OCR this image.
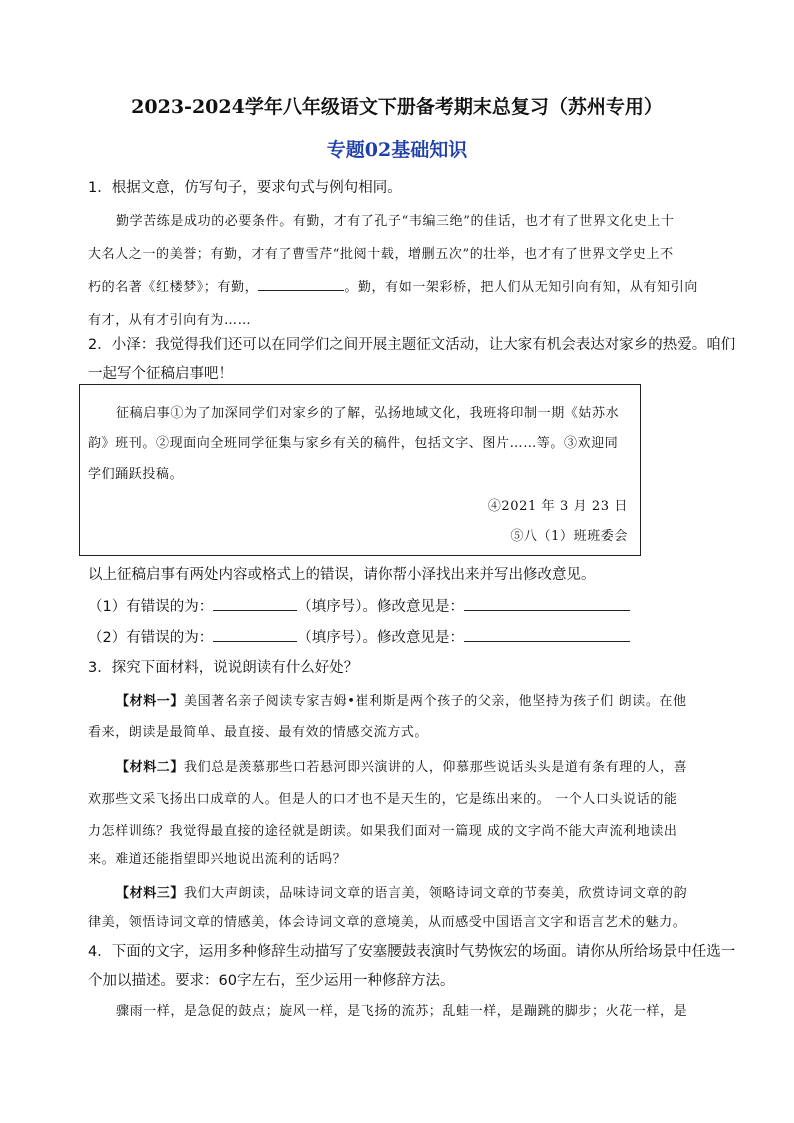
2023-2024学年八年级语文下册备考期末总复习（苏州专用）
专题02基础知识
1．根据文意，仿写句子，要求句式与例句相同。
勤学苦练是成功的必要条件。有勤，才有了孔子“韦编三绝”的佳话，也才有了世界文化史上十
大名人之一的美誉；有勤，才有了曹雪芹“批阅十载，增删五次”的壮举，也才有了世界文学史上不
朽的名著《红楼梦》；有勤，	。勤，有如一架彩桥，把人们从无知引向有知，从有知引向
有才，从有才引向有为……
2．小泽：我觉得我们还可以在同学们之间开展主题征文活动，让大家有机会表达对家乡的热爱。咱们
一起写个征稿启事吧！
征稿启事①为了加深同学们对家乡的了解，弘扬地域文化，我班将印制一期《姑苏水
韵》班刊。②现面向全班同学征集与家乡有关的稿件，包括文字、图片……等。③欢迎同
学们踊跃投稿。
④2021 年 3 月 23 日
⑤八（1）班班委会
以上征稿启事有两处内容或格式上的错误，请你帮小泽找出来并写出修改意见。
（1）有错误的为：	（填序号）。修改意见是：
（2）有错误的为：	（填序号）。修改意见是：
3．探究下面材料，说说朗读有什么好处？
【材料一】美国著名亲子阅读专家吉姆•崔利斯是两个孩子的父亲，他坚持为孩子们 朗读。在他
看来，朗读是最简单、最直接、最有效的情感交流方式。
【材料二】我们总是羡慕那些口若悬河即兴演讲的人，仰慕那些说话头头是道有条有理的人，喜
欢那些文采飞扬出口成章的人。但是人的口才也不是天生的，它是练出来的。 一个人口头说话的能
力怎样训练？我觉得最直接的途径就是朗读。如果我们面对一篇现 成的文字尚不能大声流利地读出
来。难道还能指望即兴地说出流利的话吗？
【材料三】我们大声朗读，品味诗词文章的语言美，领略诗词文章的节奏美，欣赏诗词文章的韵
律美，领悟诗词文章的情感美，体会诗词文章的意境美，从而感受中国语言文字和语言艺术的魅力。
4．下面的文字，运用多种修辞生动描写了安塞腰鼓表演时气势恢宏的场面。请你从所给场景中任选一
个加以描述。要求：60字左右，至少运用一种修辞方法。
骤雨一样，是急促的鼓点；旋风一样，是飞扬的流苏；乱蛙一样，是蹦跳的脚步；火花一样，是
